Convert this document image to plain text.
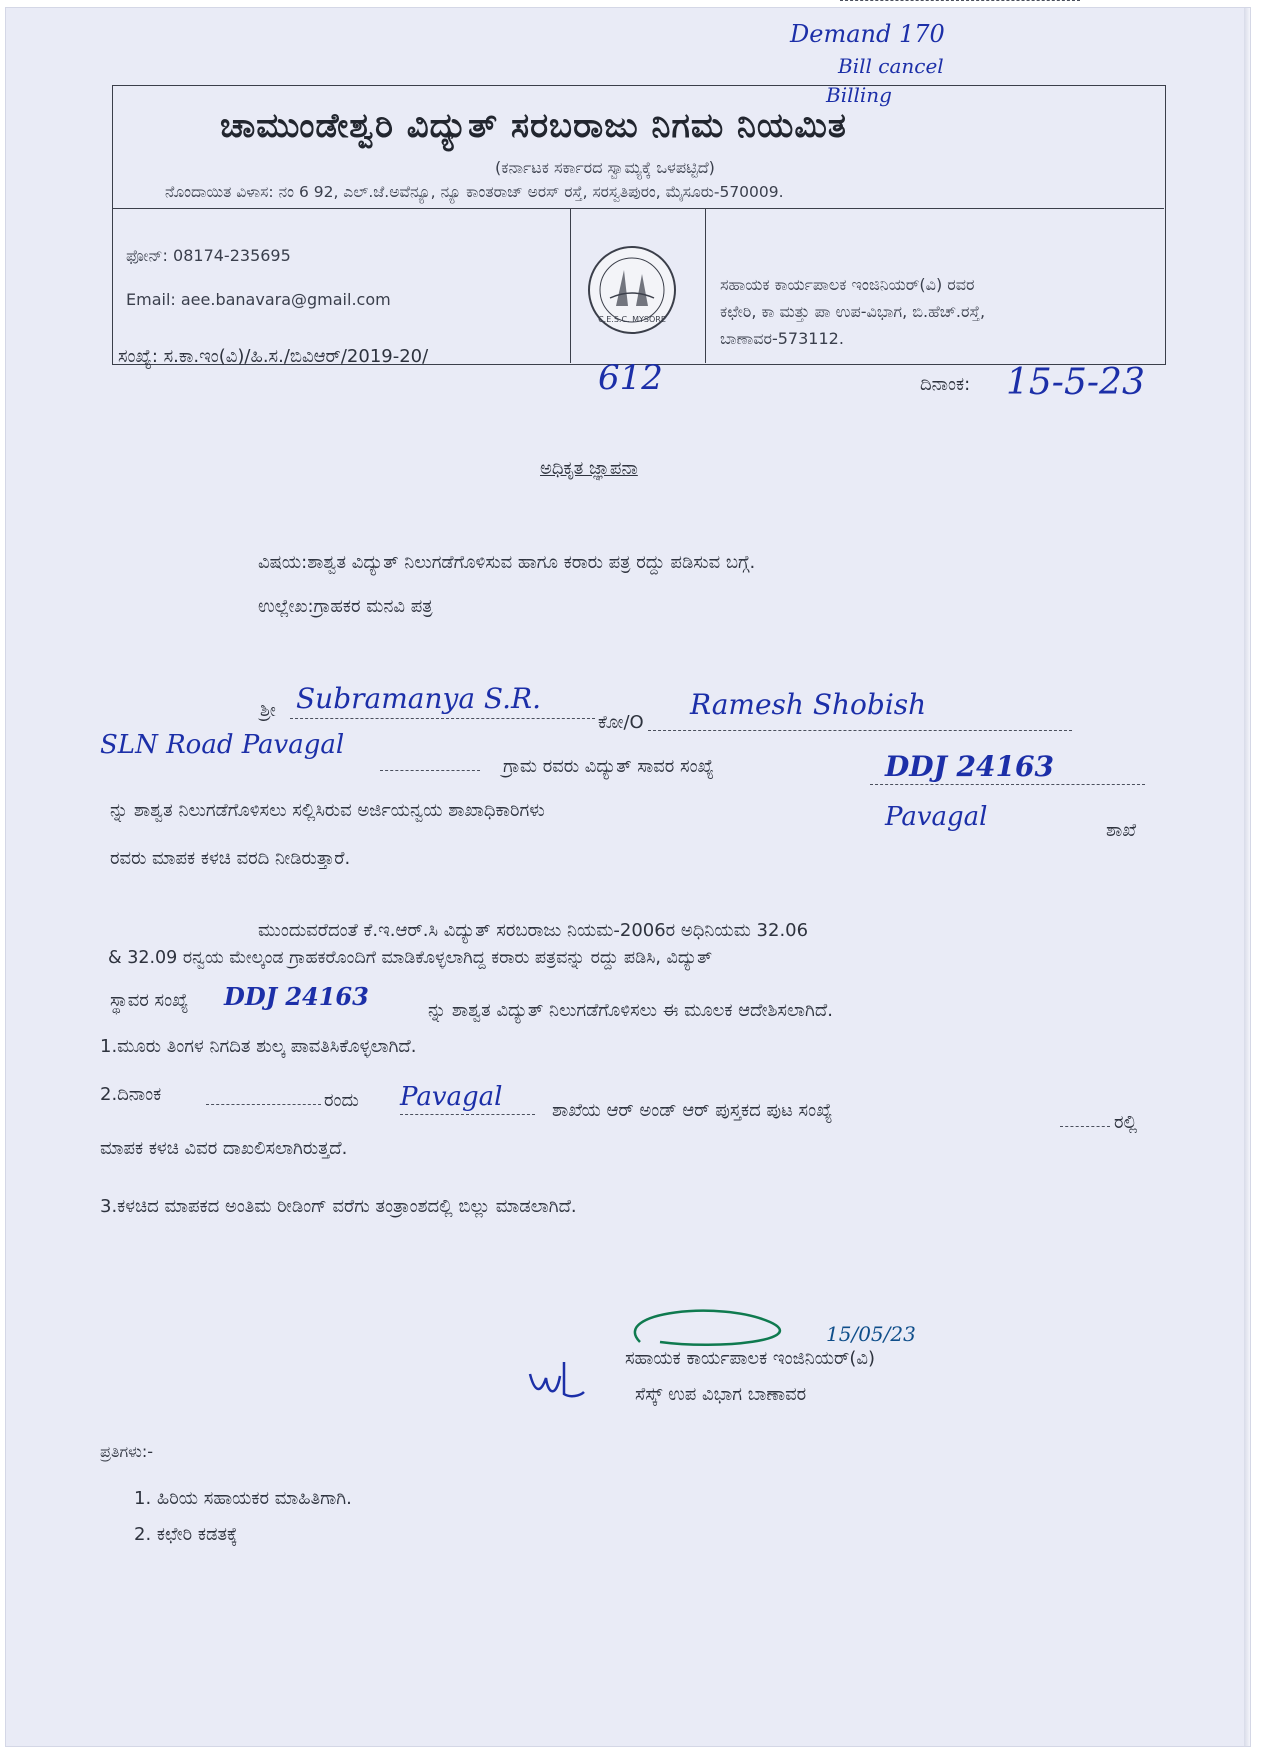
Demand 170
Bill cancel
Billing
ಚಾಮುಂಡೇಶ್ವರಿ ವಿದ್ಯುತ್ ಸರಬರಾಜು ನಿಗಮ ನಿಯಮಿತ
(ಕರ್ನಾಟಕ ಸರ್ಕಾರದ ಸ್ವಾಮ್ಯಕ್ಕೆ ಒಳಪಟ್ಟಿದೆ)
ನೊಂದಾಯಿತ ವಿಳಾಸ: ನಂ 6 92, ಎಲ್.ಜೆ.ಅವೆನ್ಯೂ, ನ್ಯೂ ಕಾಂತರಾಜ್ ಅರಸ್ ರಸ್ತೆ, ಸರಸ್ವತಿಪುರಂ, ಮೈಸೂರು-570009.
ಫೋನ್: 08174-235695
Email: aee.banavara@gmail.com
C.E.S.C. MYSORE
ಸಹಾಯಕ ಕಾರ್ಯಪಾಲಕ ಇಂಜಿನಿಯರ್(ವಿ) ರವರ
ಕಛೇರಿ, ಕಾ ಮತ್ತು ಪಾ ಉಪ-ವಿಭಾಗ, ಬಿ.ಹೆಚ್.ರಸ್ತೆ,
ಬಾಣಾವರ-573112.
ಸಂಖ್ಯೆ: ಸ.ಕಾ.ಇಂ(ವಿ)/ಹಿ.ಸ./ಬಿವಿಆರ್/2019-20/
612	ದಿನಾಂಕ: 15-5-23
ಅಧಿಕೃತ ಜ್ಞಾಪನಾ
ವಿಷಯ:ಶಾಶ್ವತ ವಿದ್ಯುತ್ ನಿಲುಗಡೆಗೊಳಿಸುವ ಹಾಗೂ ಕರಾರು ಪತ್ರ ರದ್ದು ಪಡಿಸುವ ಬಗ್ಗೆ.
ಉಲ್ಲೇಖ:ಗ್ರಾಹಕರ ಮನವಿ ಪತ್ರ
ಶ್ರೀ Subramanya S.R.
ಕೋ/O
Ramesh Shobish
SLN Road Pavagal
ಗ್ರಾಮ ರವರು ವಿದ್ಯುತ್ ಸಾವರ ಸಂಖ್ಯೆ	DDJ 24163
ನ್ನು ಶಾಶ್ವತ ನಿಲುಗಡೆಗೊಳಿಸಲು ಸಲ್ಲಿಸಿರುವ ಅರ್ಜಿಯನ್ವಯ ಶಾಖಾಧಿಕಾರಿಗಳು	Pavagal	ಶಾಖೆ
ರವರು ಮಾಪಕ ಕಳಚಿ ವರದಿ ನೀಡಿರುತ್ತಾರೆ.
ಮುಂದುವರೆದಂತೆ ಕೆ.ಇ.ಆರ್.ಸಿ ವಿದ್ಯುತ್ ಸರಬರಾಜು ನಿಯಮ-2006ರ ಅಧಿನಿಯಮ 32.06
& 32.09 ರನ್ವಯ ಮೇಲ್ಕಂಡ ಗ್ರಾಹಕರೊಂದಿಗೆ ಮಾಡಿಕೊಳ್ಳಲಾಗಿದ್ದ ಕರಾರು ಪತ್ರವನ್ನು ರದ್ದು ಪಡಿಸಿ, ವಿದ್ಯುತ್
ಸ್ಥಾವರ ಸಂಖ್ಯೆ DDJ 24163	ನ್ನು ಶಾಶ್ವತ ವಿದ್ಯುತ್ ನಿಲುಗಡೆಗೊಳಿಸಲು ಈ ಮೂಲಕ ಆದೇಶಿಸಲಾಗಿದೆ.
1.ಮೂರು ತಿಂಗಳ ನಿಗದಿತ ಶುಲ್ಕ ಪಾವತಿಸಿಕೊಳ್ಳಲಾಗಿದೆ.
2.ದಿನಾಂಕ	ರಂದು Pavagal	ಶಾಖೆಯ ಆರ್ ಅಂಡ್ ಆರ್ ಪುಸ್ತಕದ ಪುಟ ಸಂಖ್ಯೆ
ರಲ್ಲಿ
ಮಾಪಕ ಕಳಚಿ ವಿವರ ದಾಖಲಿಸಲಾಗಿರುತ್ತದೆ.
3.ಕಳಚಿದ ಮಾಪಕದ ಅಂತಿಮ ರೀಡಿಂಗ್ ವರೆಗು ತಂತ್ರಾಂಶದಲ್ಲಿ ಬಿಲ್ಲು ಮಾಡಲಾಗಿದೆ.
15/05/23
ಸಹಾಯಕ ಕಾರ್ಯಪಾಲಕ ಇಂಜಿನಿಯರ್(ವಿ)
ಸೆಸ್ಕ್ ಉಪ ವಿಭಾಗ ಬಾಣಾವರ
ಪ್ರತಿಗಳು:-
1. ಹಿರಿಯ ಸಹಾಯಕರ ಮಾಹಿತಿಗಾಗಿ.
2. ಕಛೇರಿ ಕಡತಕ್ಕೆ
